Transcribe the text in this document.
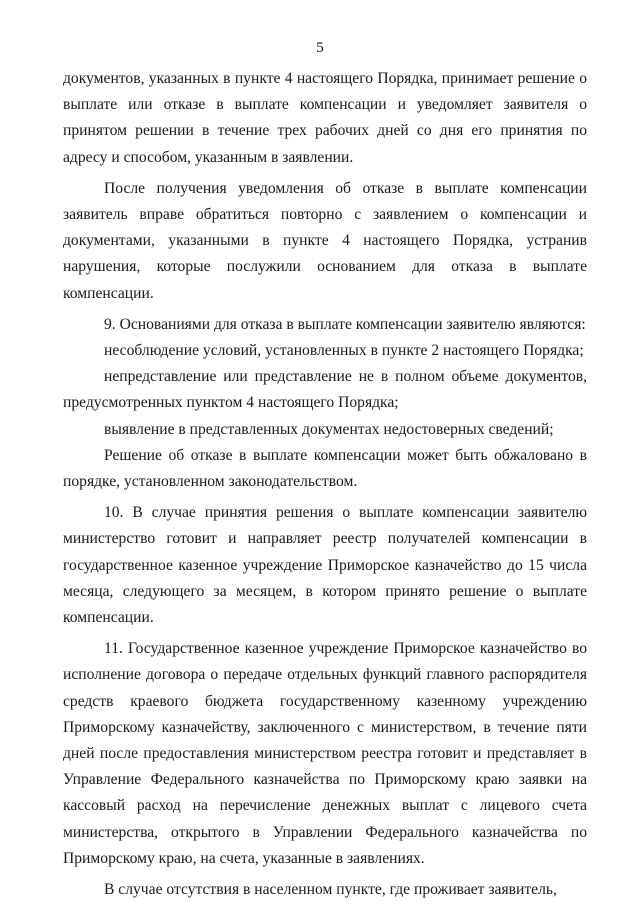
5

документов, указанных в пункте 4 настоящего Порядка, принимает решение о выплате или отказе в выплате компенсации и уведомляет заявителя о принятом решении в течение трех рабочих дней со дня его принятия по адресу и способом, указанным в заявлении.

После получения уведомления об отказе в выплате компенсации заявитель вправе обратиться повторно с заявлением о компенсации и документами, указанными в пункте 4 настоящего Порядка, устранив нарушения, которые послужили основанием для отказа в выплате компенсации.

9. Основаниями для отказа в выплате компенсации заявителю являются:

несоблюдение условий, установленных в пункте 2 настоящего Порядка;

непредставление или представление не в полном объеме документов, предусмотренных пунктом 4 настоящего Порядка;

выявление в представленных документах недостоверных сведений;

Решение об отказе в выплате компенсации может быть обжаловано в порядке, установленном законодательством.

10. В случае принятия решения о выплате компенсации заявителю министерство готовит и направляет реестр получателей компенсации в государственное казенное учреждение Приморское казначейство до 15 числа месяца, следующего за месяцем, в котором принято решение о выплате компенсации.

11. Государственное казенное учреждение Приморское казначейство во исполнение договора о передаче отдельных функций главного распорядителя средств краевого бюджета государственному казенному учреждению Приморскому казначейству, заключенного с министерством, в течение пяти дней после предоставления министерством реестра готовит и представляет в Управление Федерального казначейства по Приморскому краю заявки на кассовый расход на перечисление денежных выплат с лицевого счета министерства, открытого в Управлении Федерального казначейства по Приморскому краю, на счета, указанные в заявлениях.

В случае отсутствия в населенном пункте, где проживает заявитель,
